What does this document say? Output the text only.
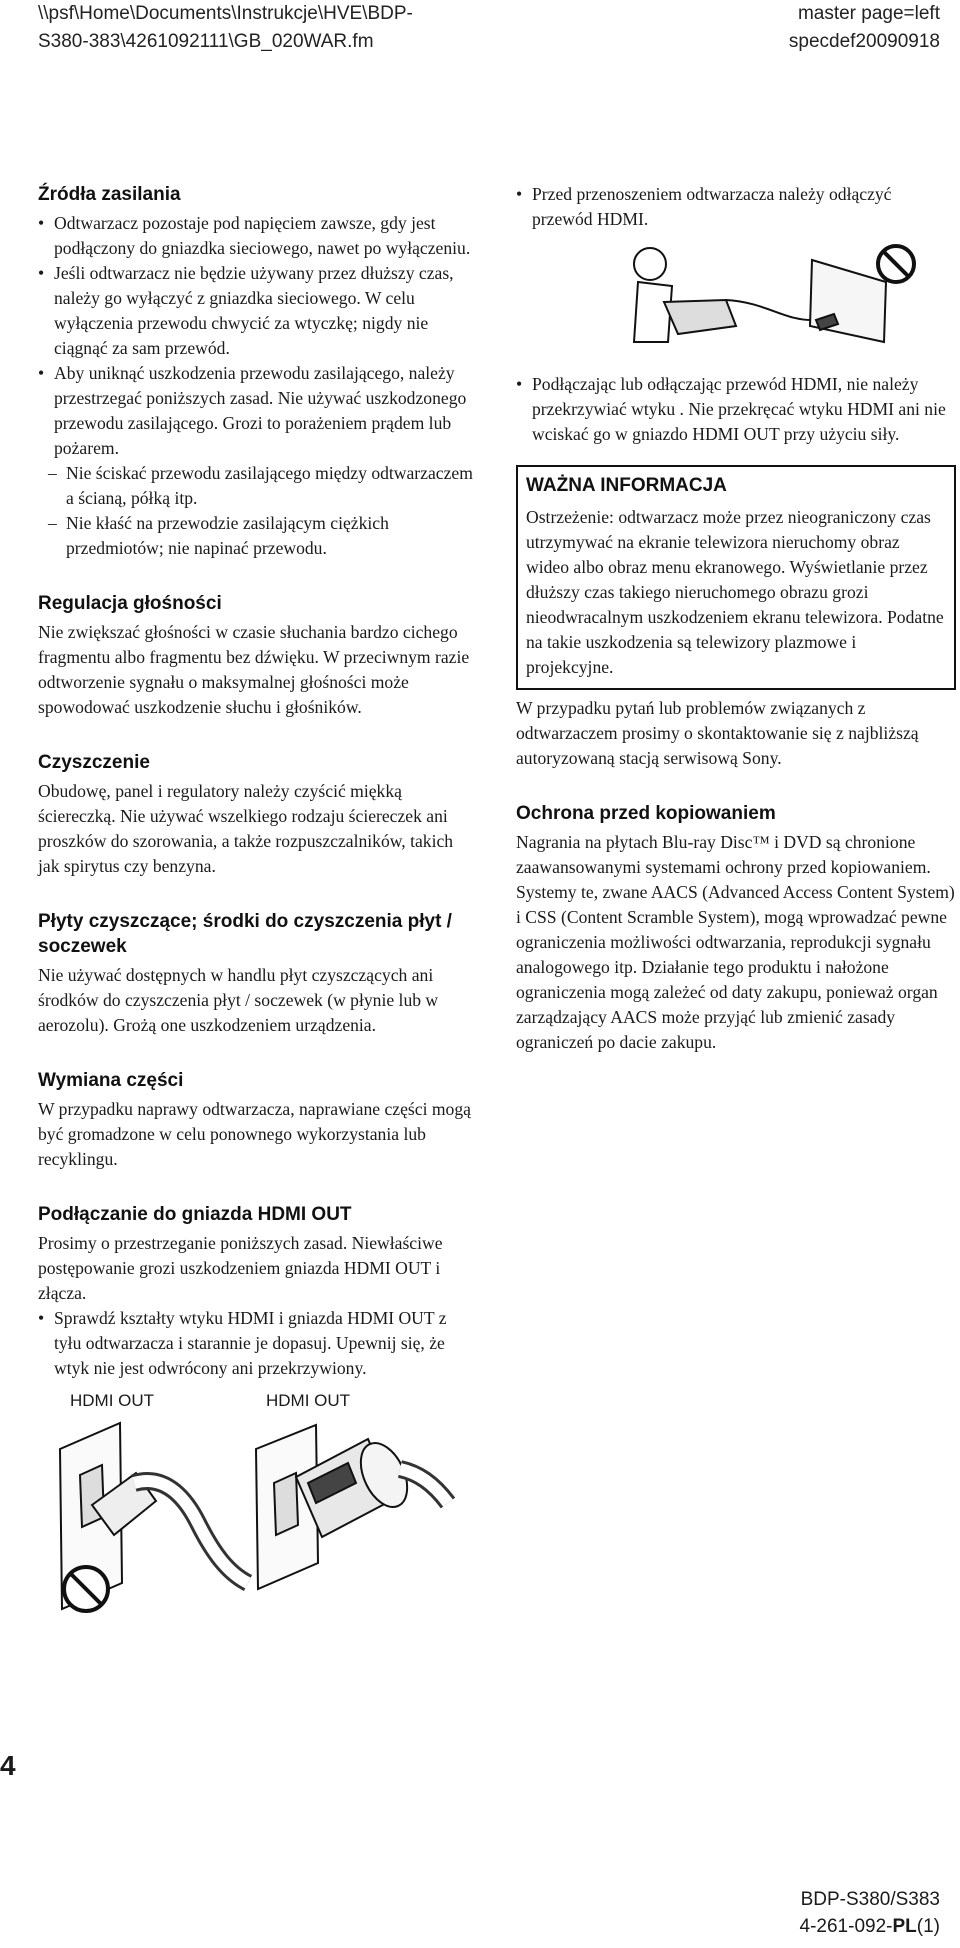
\\psf\Home\Documents\Instrukcje\HVE\BDP-
S380-383\4261092111\GB_020WAR.fm
master page=left
specdef20090918
Źródła zasilania
• Odtwarzacz pozostaje pod napięciem zawsze, gdy jest podłączony do gniazdka sieciowego, nawet po wyłączeniu.
• Jeśli odtwarzacz nie będzie używany przez dłuższy czas, należy go wyłączyć z gniazdka sieciowego. W celu wyłączenia przewodu chwycić za wtyczkę; nigdy nie ciągnąć za sam przewód.
• Aby uniknąć uszkodzenia przewodu zasilającego, należy przestrzegać poniższych zasad. Nie używać uszkodzonego przewodu zasilającego. Grozi to porażeniem prądem lub pożarem.
– Nie ściskać przewodu zasilającego między odtwarzaczem a ścianą, półką itp.
– Nie kłaść na przewodzie zasilającym ciężkich przedmiotów; nie napinać przewodu.
Regulacja głośności

Nie zwiększać głośności w czasie słuchania bardzo cichego fragmentu albo fragmentu bez dźwięku. W przeciwnym razie odtworzenie sygnału o maksymalnej głośności może spowodować uszkodzenie słuchu i głośników.

Czyszczenie

Obudowę, panel i regulatory należy czyścić miękką ściereczką. Nie używać wszelkiego rodzaju ściereczek ani proszków do szorowania, a także rozpuszczalników, takich jak spirytus czy benzyna.

Płyty czyszczące; środki do czyszczenia płyt / soczewek

Nie używać dostępnych w handlu płyt czyszczących ani środków do czyszczenia płyt / soczewek (w płynie lub w aerozolu). Grożą one uszkodzeniem urządzenia.

Wymiana części

W przypadku naprawy odtwarzacza, naprawiane części mogą być gromadzone w celu ponownego wykorzystania lub recyklingu.

Podłączanie do gniazda HDMI OUT

Prosimy o przestrzeganie poniższych zasad. Niewłaściwe postępowanie grozi uszkodzeniem gniazda HDMI OUT i złącza.

• Sprawdź kształty wtyku HDMI i gniazda HDMI OUT z tyłu odtwarzacza i starannie je dopasuj. Upewnij się, że wtyk nie jest odwrócony ani przekrzywiony.
HDMI OUT	HDMI OUT
• Przed przenoszeniem odtwarzacza należy odłączyć przewód HDMI.
• Podłączając lub odłączając przewód HDMI, nie należy przekrzywiać wtyku . Nie przekręcać wtyku HDMI ani nie wciskać go w gniazdo HDMI OUT przy użyciu siły.
WAŻNA INFORMACJA

Ostrzeżenie: odtwarzacz może przez nieograniczony czas utrzymywać na ekranie telewizora nieruchomy obraz wideo albo obraz menu ekranowego. Wyświetlanie przez dłuższy czas takiego nieruchomego obrazu grozi nieodwracalnym uszkodzeniem ekranu telewizora. Podatne na takie uszkodzenia są telewizory plazmowe i projekcyjne.

W przypadku pytań lub problemów związanych z odtwarzaczem prosimy o skontaktowanie się z najbliższą autoryzowaną stacją serwisową Sony.

Ochrona przed kopiowaniem

Nagrania na płytach Blu-ray Disc™ i DVD są chronione zaawansowanymi systemami ochrony przed kopiowaniem. Systemy te, zwane AACS (Advanced Access Content System) i CSS (Content Scramble System), mogą wprowadzać pewne ograniczenia możliwości odtwarzania, reprodukcji sygnału analogowego itp. Działanie tego produktu i nałożone ograniczenia mogą zależeć od daty zakupu, ponieważ organ zarządzający AACS może przyjąć lub zmienić zasady ograniczeń po dacie zakupu.

4
BDP-S380/S383
4-261-092-PL(1)
